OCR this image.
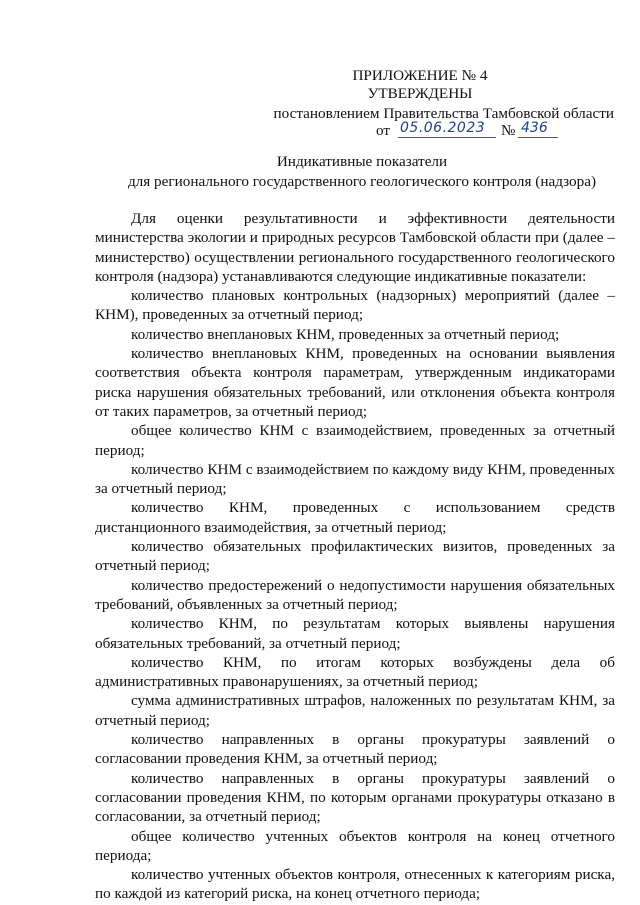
ПРИЛОЖЕНИЕ № 4
УТВЕРЖДЕНЫ
постановлением Правительства Тамбовской области
от 05.06.2023 № 436
Индикативные показатели
для регионального государственного геологического контроля (надзора)

Для оценки результативности и эффективности деятельности министерства экологии и природных ресурсов Тамбовской области при (далее – министерство) осуществлении регионального государственного геологического контроля (надзора) устанавливаются следующие индикативные показатели:

количество плановых контрольных (надзорных) мероприятий (далее – КНМ), проведенных за отчетный период;

количество внеплановых КНМ, проведенных за отчетный период;

количество внеплановых КНМ, проведенных на основании выявления соответствия объекта контроля параметрам, утвержденным индикаторами риска нарушения обязательных требований, или отклонения объекта контроля от таких параметров, за отчетный период;

общее количество КНМ с взаимодействием, проведенных за отчетный период;

количество КНМ с взаимодействием по каждому виду КНМ, проведенных за отчетный период;

количество КНМ, проведенных с использованием средств дистанционного взаимодействия, за отчетный период;

количество обязательных профилактических визитов, проведенных за отчетный период;

количество предостережений о недопустимости нарушения обязательных требований, объявленных за отчетный период;

количество КНМ, по результатам которых выявлены нарушения обязательных требований, за отчетный период;

количество КНМ, по итогам которых возбуждены дела об административных правонарушениях, за отчетный период;

сумма административных штрафов, наложенных по результатам КНМ, за отчетный период;

количество направленных в органы прокуратуры заявлений о согласовании проведения КНМ, за отчетный период;

количество направленных в органы прокуратуры заявлений о согласовании проведения КНМ, по которым органами прокуратуры отказано в согласовании, за отчетный период;

общее количество учтенных объектов контроля на конец отчетного периода;

количество учтенных объектов контроля, отнесенных к категориям риска, по каждой из категорий риска, на конец отчетного периода;
